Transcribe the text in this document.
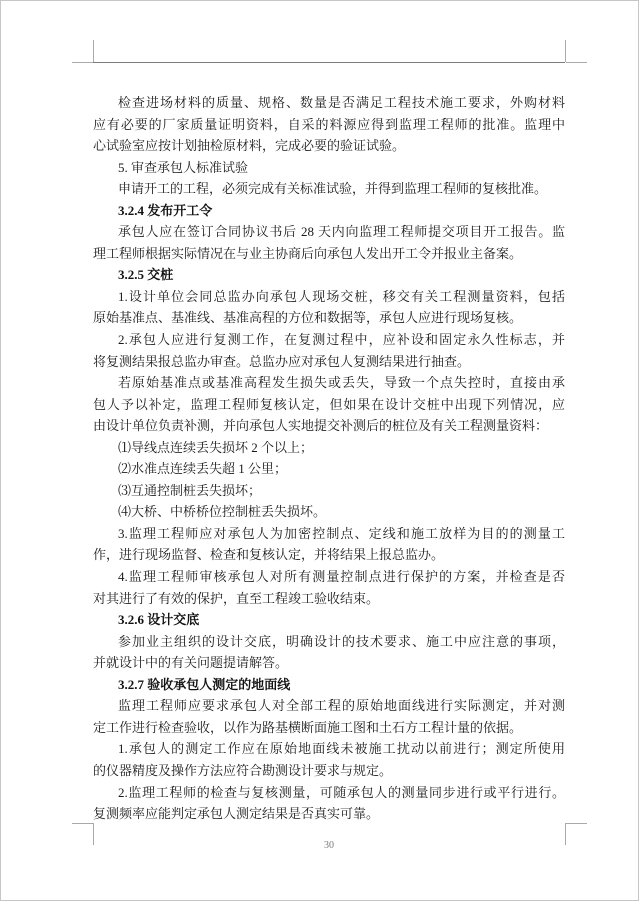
检查进场材料的质量、规格、数量是否满足工程技术施工要求，外购材料
应有必要的厂家质量证明资料，自采的料源应得到监理工程师的批准。监理中
心试验室应按计划抽检原材料，完成必要的验证试验。
5. 审查承包人标准试验
申请开工的工程，必须完成有关标准试验，并得到监理工程师的复核批准。
3.2.4 发布开工令
承包人应在签订合同协议书后 28 天内向监理工程师提交项目开工报告。监
理工程师根据实际情况在与业主协商后向承包人发出开工令并报业主备案。
3.2.5 交桩
1.设计单位会同总监办向承包人现场交桩，移交有关工程测量资料，包括
原始基准点、基准线、基准高程的方位和数据等，承包人应进行现场复核。
2.承包人应进行复测工作，在复测过程中，应补设和固定永久性标志，并
将复测结果报总监办审查。总监办应对承包人复测结果进行抽查。
若原始基准点或基准高程发生损失或丢失，导致一个点失控时，直接由承
包人予以补定，监理工程师复核认定，但如果在设计交桩中出现下列情况，应
由设计单位负责补测，并向承包人实地提交补测后的桩位及有关工程测量资料：
⑴导线点连续丢失损坏 2 个以上；
⑵水准点连续丢失超 1 公里；
⑶互通控制桩丢失损坏；
⑷大桥、中桥桥位控制桩丢失损坏。
3.监理工程师应对承包人为加密控制点、定线和施工放样为目的的测量工
作，进行现场监督、检查和复核认定，并将结果上报总监办。
4.监理工程师审核承包人对所有测量控制点进行保护的方案，并检查是否
对其进行了有效的保护，直至工程竣工验收结束。
3.2.6 设计交底
参加业主组织的设计交底，明确设计的技术要求、施工中应注意的事项，
并就设计中的有关问题提请解答。
3.2.7 验收承包人测定的地面线
监理工程师应要求承包人对全部工程的原始地面线进行实际测定，并对测
定工作进行检查验收，以作为路基横断面施工图和土石方工程计量的依据。
1.承包人的测定工作应在原始地面线未被施工扰动以前进行；测定所使用
的仪器精度及操作方法应符合勘测设计要求与规定。
2.监理工程师的检查与复核测量，可随承包人的测量同步进行或平行进行。
复测频率应能判定承包人测定结果是否真实可靠。
30
